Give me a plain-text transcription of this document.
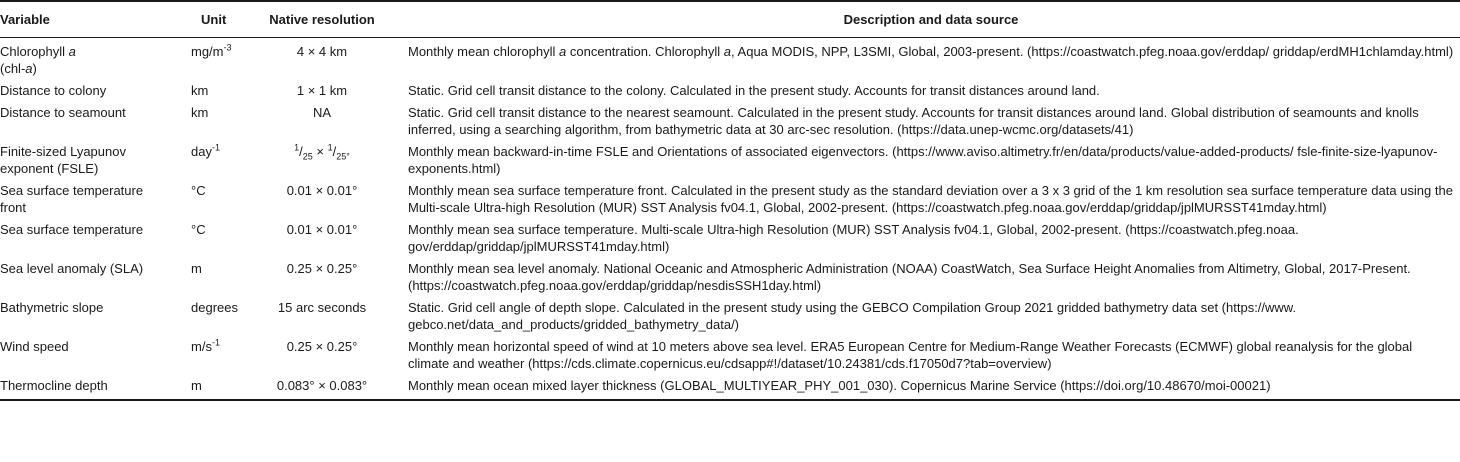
Variable	Unit	Native resolution	Description and data source
Chlorophyll a
(chl-a)	$mg/m^{-3}$	4 × 4 km	Monthly mean chlorophyll a concentration. Chlorophyll a, Aqua MODIS, NPP, L3SMI, Global, 2003-present. (https://coastwatch.pfeg.noaa.gov/erddap/ griddap/erdMH1chlamday.html)
Distance to colony	km	1 × 1 km	Static. Grid cell transit distance to the colony. Calculated in the present study. Accounts for transit distances around land.
Distance to seamount	km	NA	Static. Grid cell transit distance to the nearest seamount. Calculated in the present study. Accounts for transit distances around land. Global distribution of seamounts and knolls inferred, using a searching algorithm, from bathymetric data at 30 arc-sec resolution. (https://data.unep-wcmc.org/datasets/41)
Finite-sized Lyapunov exponent (FSLE)	day$^{-1}$	$^1/_{25} \times ^1/_{25^\circ}$	Monthly mean backward-in-time FSLE and Orientations of associated eigenvectors. (https://www.aviso.altimetry.fr/en/data/products/value-added-products/ fsle-finite-size-lyapunov-exponents.html)
Sea surface temperature front	°C	0.01 × 0.01°	Monthly mean sea surface temperature front. Calculated in the present study as the standard deviation over a 3 x 3 grid of the 1 km resolution sea surface temperature data using the Multi-scale Ultra-high Resolution (MUR) SST Analysis fv04.1, Global, 2002-present. (https://coastwatch.pfeg.noaa.gov/erddap/griddap/jplMURSST41mday.html)
Sea surface temperature	°C	0.01 × 0.01°	Monthly mean sea surface temperature. Multi-scale Ultra-high Resolution (MUR) SST Analysis fv04.1, Global, 2002-present. (https://coastwatch.pfeg.noaa. gov/erddap/griddap/jplMURSST41mday.html)
Sea level anomaly (SLA)	m	0.25 × 0.25°	Monthly mean sea level anomaly. National Oceanic and Atmospheric Administration (NOAA) CoastWatch, Sea Surface Height Anomalies from Altimetry, Global, 2017-Present. (https://coastwatch.pfeg.noaa.gov/erddap/griddap/nesdisSSH1day.html)
Bathymetric slope	degrees	15 arc seconds	Static. Grid cell angle of depth slope. Calculated in the present study using the GEBCO Compilation Group 2021 gridded bathymetry data set (https://www. gebco.net/data_and_products/gridded_bathymetry_data/)
Wind speed	$m/s^{-1}$	0.25 × 0.25°	Monthly mean horizontal speed of wind at 10 meters above sea level. ERA5 European Centre for Medium-Range Weather Forecasts (ECMWF) global reanalysis for the global climate and weather (https://cds.climate.copernicus.eu/cdsapp#!/dataset/10.24381/cds.f17050d7?tab=overview)
Thermocline depth	m	0.083° × 0.083°	Monthly mean ocean mixed layer thickness (GLOBAL_MULTIYEAR_PHY_001_030). Copernicus Marine Service (https://doi.org/10.48670/moi-00021)
